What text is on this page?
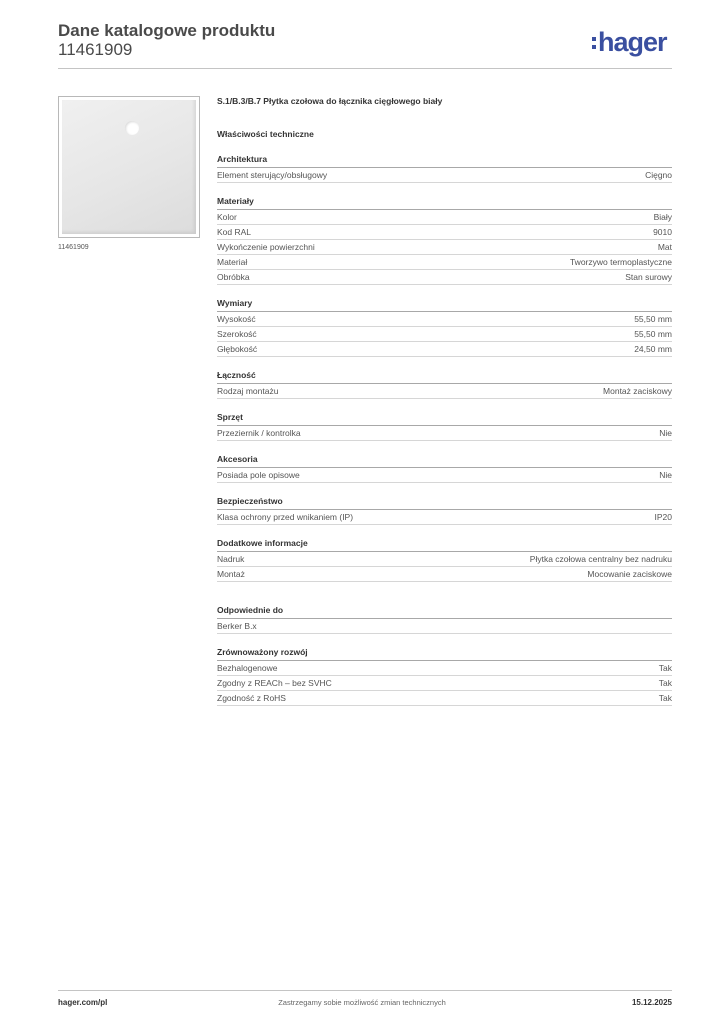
Dane katalogowe produktu
11461909	hager
11461909
S.1/B.3/B.7 Płytka czołowa do łącznika cięgłowego biały
Właściwości techniczne
Architektura
Element sterujący/obsługowy	Cięgno
Materiały
Kolor	Biały
Kod RAL	9010
Wykończenie powierzchni	Mat
Materiał	Tworzywo termoplastyczne
Obróbka	Stan surowy
Wymiary
Wysokość	55,50 mm
Szerokość	55,50 mm
Głębokość	24,50 mm
Łączność
Rodzaj montażu	Montaż zaciskowy
Sprzęt
Przeziernik / kontrolka	Nie
Akcesoria
Posiada pole opisowe	Nie
Bezpieczeństwo
Klasa ochrony przed wnikaniem (IP)	IP20
Dodatkowe informacje
Nadruk	Płytka czołowa centralny bez nadruku
Montaż	Mocowanie zaciskowe
Odpowiednie do
Berker B.x
Zrównoważony rozwój
Bezhalogenowe	Tak
Zgodny z REACh – bez SVHC	Tak
Zgodność z RoHS	Tak
hager.com/pl	Zastrzegamy sobie możliwość zmian technicznych	15.12.2025
